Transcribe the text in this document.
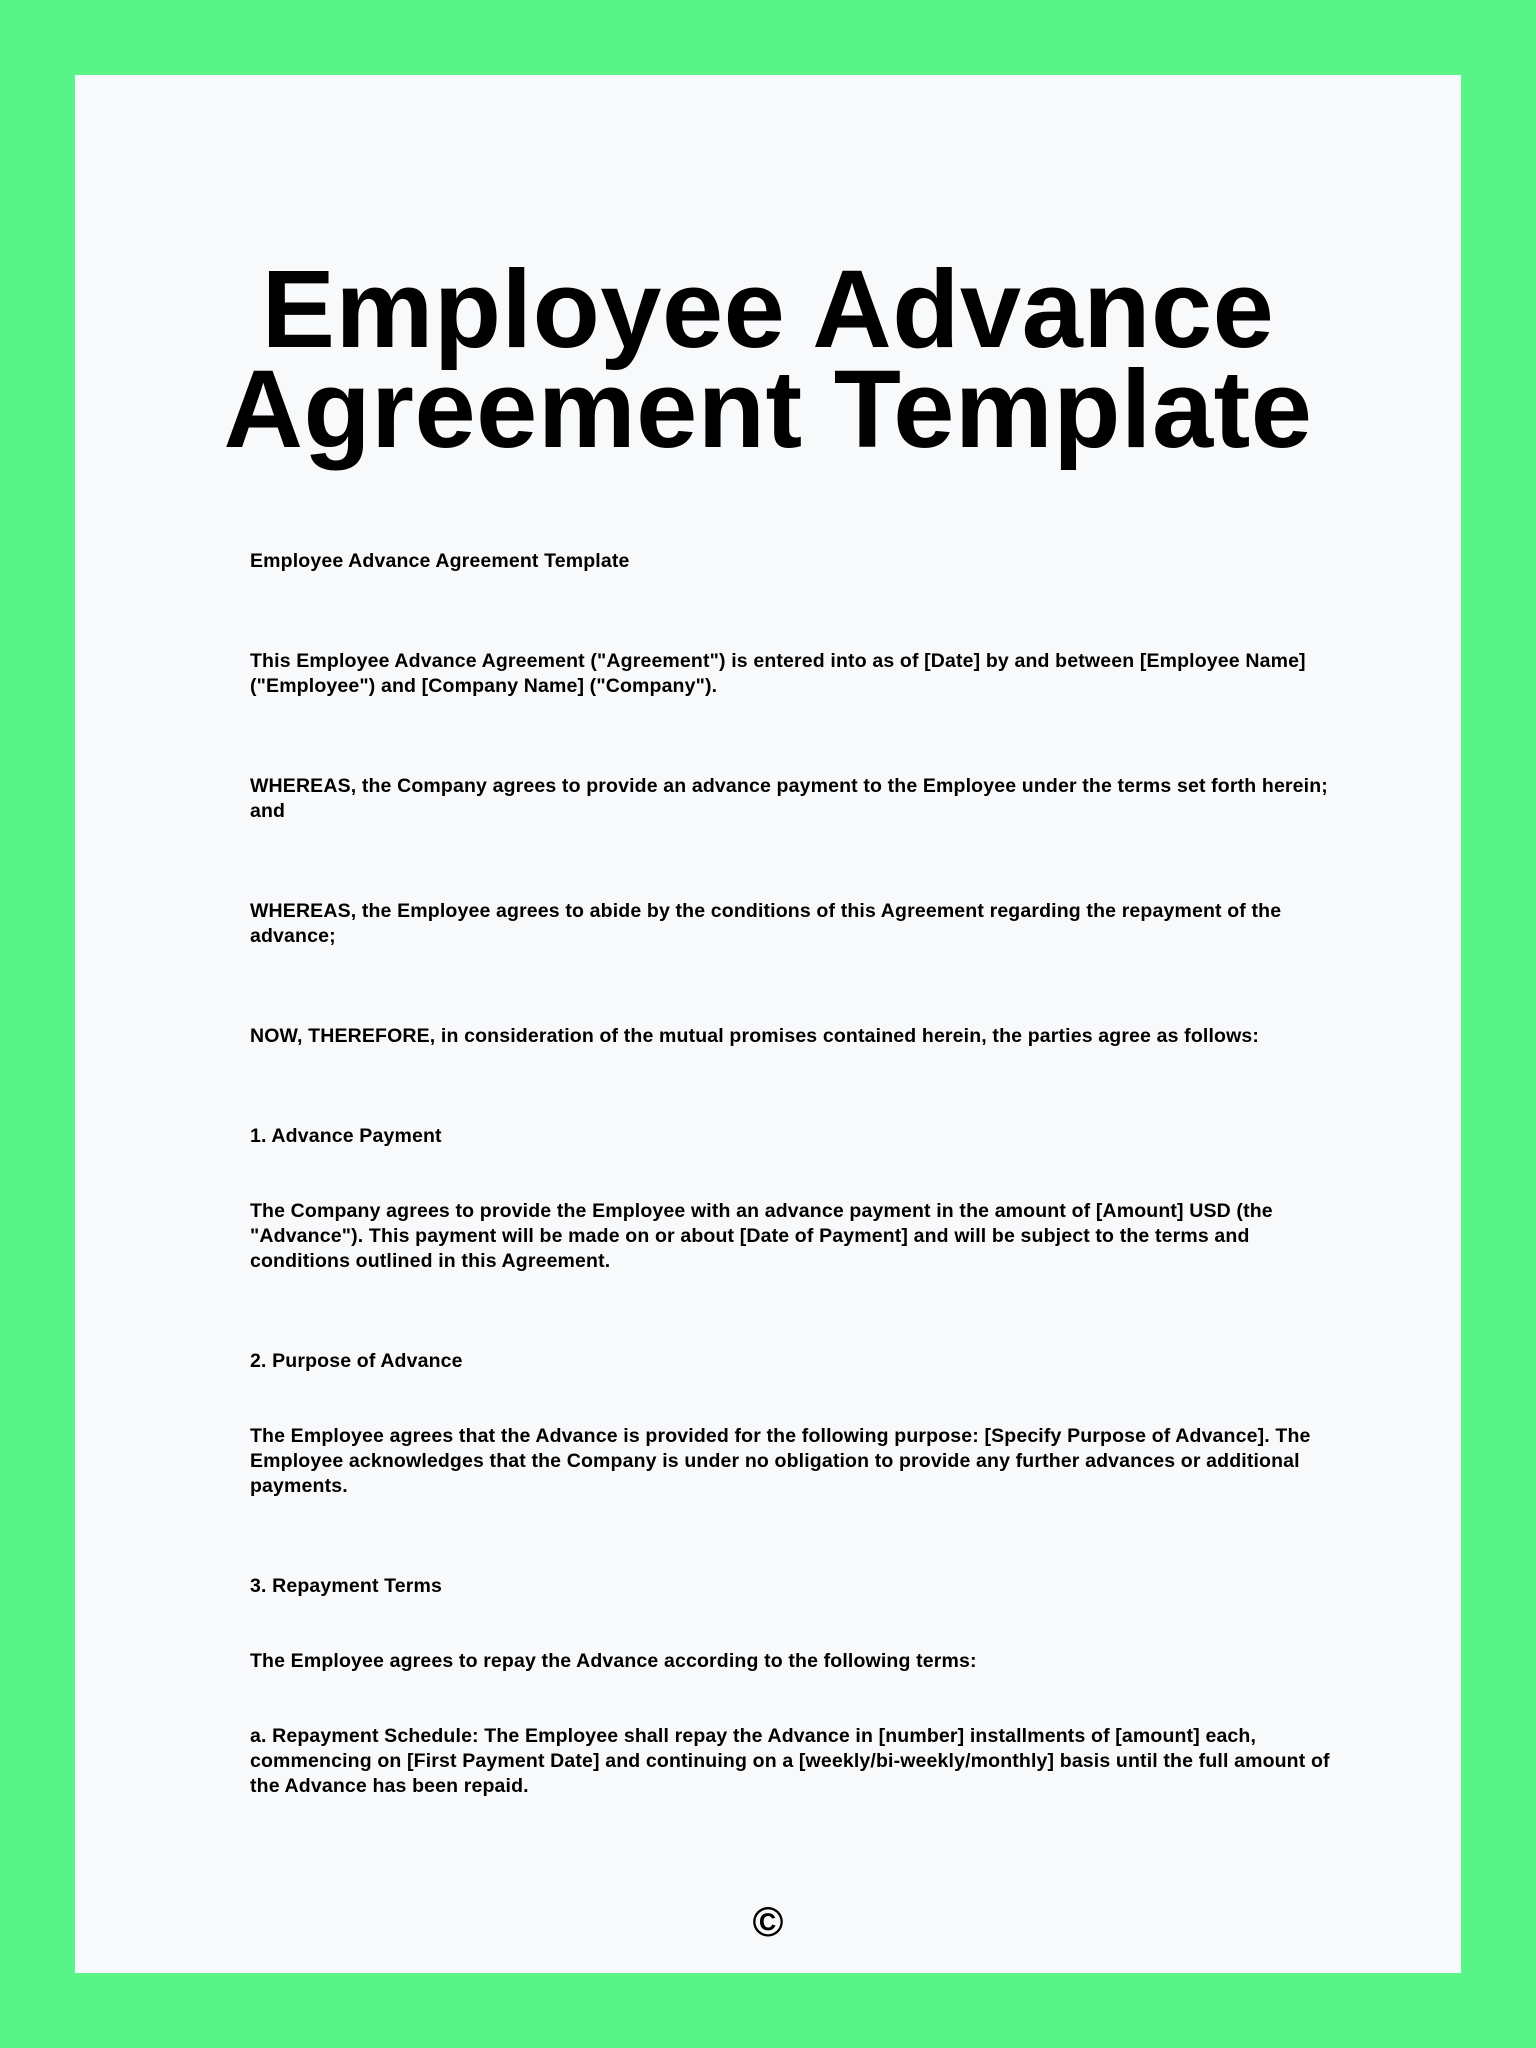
Employee Advance Agreement Template

Employee Advance Agreement Template

This Employee Advance Agreement ("Agreement") is entered into as of [Date] by and between [Employee Name] ("Employee") and [Company Name] ("Company").

WHEREAS, the Company agrees to provide an advance payment to the Employee under the terms set forth herein; and

WHEREAS, the Employee agrees to abide by the conditions of this Agreement regarding the repayment of the advance;

NOW, THEREFORE, in consideration of the mutual promises contained herein, the parties agree as follows:

1. Advance Payment

The Company agrees to provide the Employee with an advance payment in the amount of [Amount] USD (the "Advance"). This payment will be made on or about [Date of Payment] and will be subject to the terms and conditions outlined in this Agreement.

2. Purpose of Advance

The Employee agrees that the Advance is provided for the following purpose: [Specify Purpose of Advance]. The Employee acknowledges that the Company is under no obligation to provide any further advances or additional payments.

3. Repayment Terms

The Employee agrees to repay the Advance according to the following terms:

a. Repayment Schedule: The Employee shall repay the Advance in [number] installments of [amount] each, commencing on [First Payment Date] and continuing on a [weekly/bi-weekly/monthly] basis until the full amount of the Advance has been repaid.

©
